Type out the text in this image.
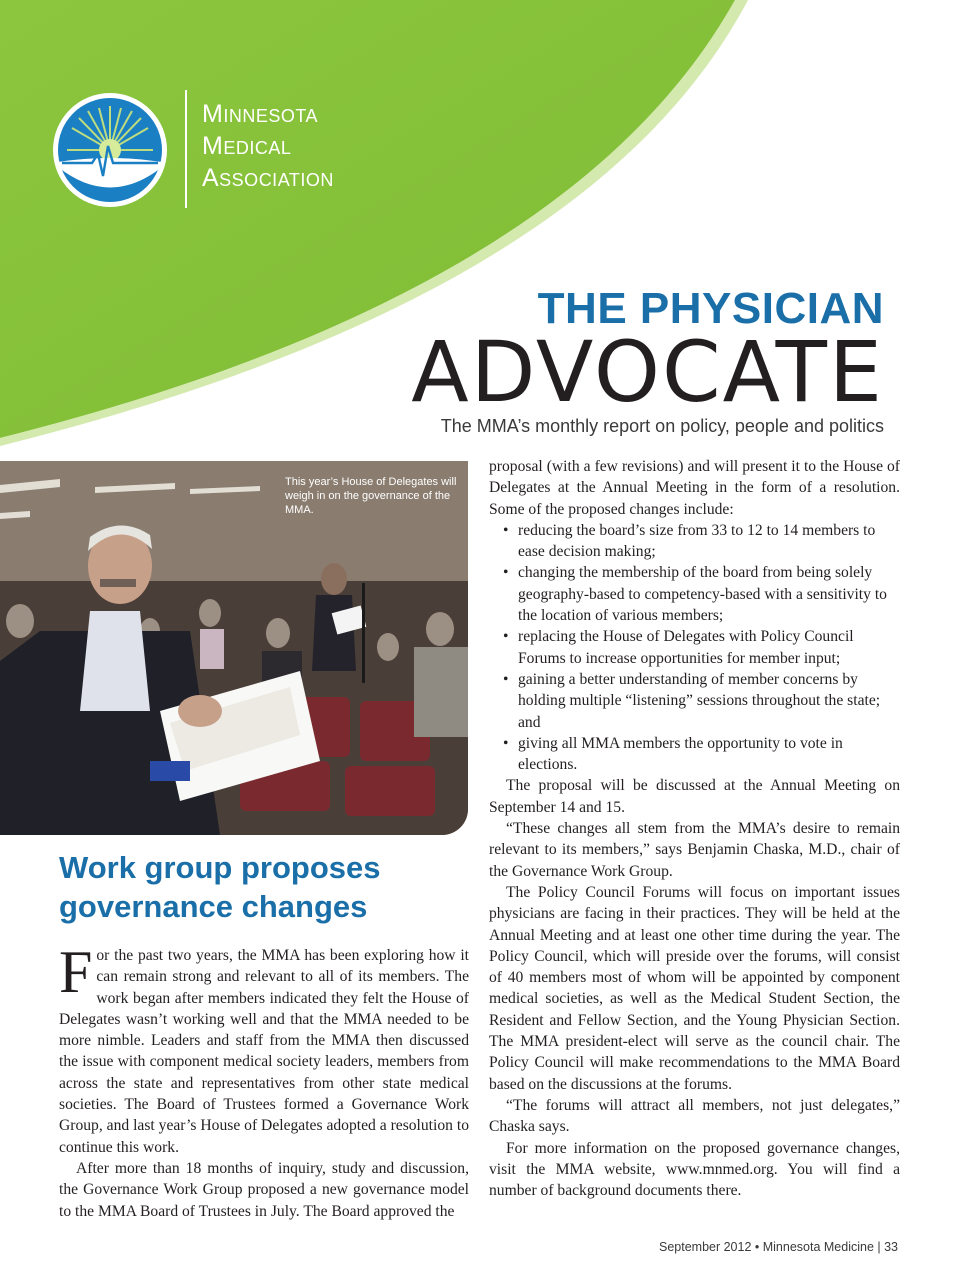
Minnesota
Medical
Association
THE PHYSICIAN
ADVOCATE
The MMA’s monthly report on policy, people and politics
This year’s House of Delegates will weigh in on the governance of the MMA.
Work group proposes governance changes

For the past two years, the MMA has been exploring how it can remain strong and relevant to all of its members. The work began after members indicated they felt the House of Delegates wasn’t working well and that the MMA needed to be more nimble. Leaders and staff from the MMA then discussed the issue with component medical society leaders, members from across the state and representatives from other state medical societies. The Board of Trustees formed a Governance Work Group, and last year’s House of Delegates adopted a resolution to continue this work.

After more than 18 months of inquiry, study and discussion, the Governance Work Group proposed a new governance model to the MMA Board of Trustees in July. The Board approved the

proposal (with a few revisions) and will present it to the House of Delegates at the Annual Meeting in the form of a resolution. Some of the proposed changes include:

• reducing the board’s size from 33 to 12 to 14 members to ease decision making;
• changing the membership of the board from being solely geography-based to competency-based with a sensitivity to the location of various members;
• replacing the House of Delegates with Policy Council Forums to increase opportunities for member input;
• gaining a better understanding of member concerns by holding multiple “listening” sessions throughout the state; and
• giving all MMA members the opportunity to vote in elections.

The proposal will be discussed at the Annual Meeting on September 14 and 15.

“These changes all stem from the MMA’s desire to remain relevant to its members,” says Benjamin Chaska, M.D., chair of the Governance Work Group.

The Policy Council Forums will focus on important issues physicians are facing in their practices. They will be held at the Annual Meeting and at least one other time during the year. The Policy Council, which will preside over the forums, will consist of 40 members most of whom will be appointed by component medical societies, as well as the Medical Student Section, the Resident and Fellow Section, and the Young Physician Section. The MMA president-elect will serve as the council chair. The Policy Council will make recommendations to the MMA Board based on the discussions at the forums.

“The forums will attract all members, not just delegates,” Chaska says.

For more information on the proposed governance changes, visit the MMA website, www.mnmed.org. You will find a number of background documents there.

September 2012 • Minnesota Medicine | 33
